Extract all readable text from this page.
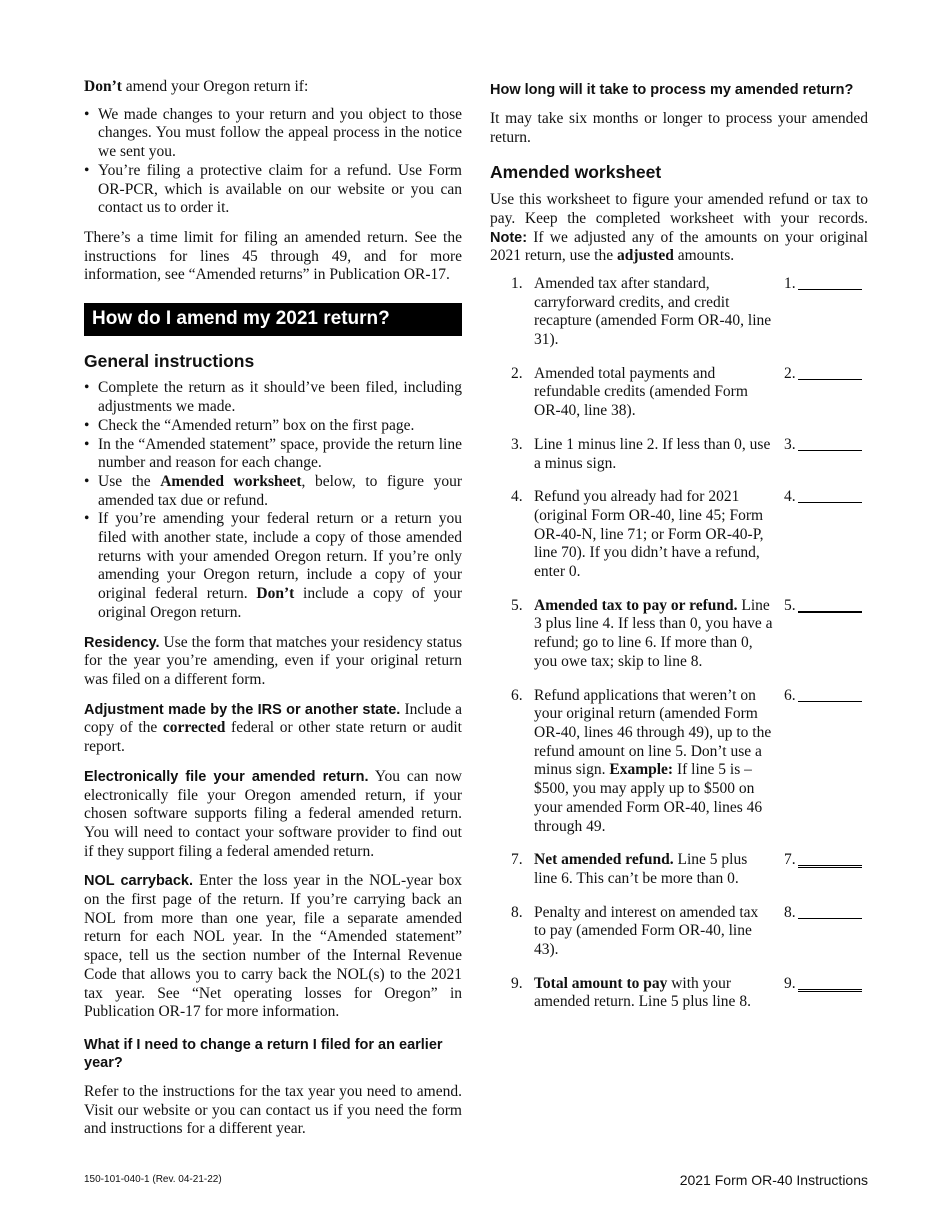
Don’t amend your Oregon return if:

• We made changes to your return and you object to those changes. You must follow the appeal process in the notice we sent you.
• You’re filing a protective claim for a refund. Use Form OR-PCR, which is available on our website or you can contact us to order it.

There’s a time limit for filing an amended return. See the instructions for lines 45 through 49, and for more information, see “Amended returns” in Publication OR-17.

How do I amend my 2021 return?
General instructions
• Complete the return as it should’ve been filed, including adjustments we made.
• Check the “Amended return” box on the first page.
• In the “Amended statement” space, provide the return line number and reason for each change.
• Use the Amended worksheet, below, to figure your amended tax due or refund.
• If you’re amending your federal return or a return you filed with another state, include a copy of those amended returns with your amended Oregon return. If you’re only amending your Oregon return, include a copy of your original federal return. Don’t include a copy of your original Oregon return.

Residency. Use the form that matches your residency status for the year you’re amending, even if your original return was filed on a different form.

Adjustment made by the IRS or another state. Include a copy of the corrected federal or other state return or audit report.

Electronically file your amended return. You can now electronically file your Oregon amended return, if your chosen software supports filing a federal amended return. You will need to contact your software provider to find out if they support filing a federal amended return.

NOL carryback. Enter the loss year in the NOL-year box on the first page of the return. If you’re carrying back an NOL from more than one year, file a separate amended return for each NOL year. In the “Amended statement” space, tell us the section number of the Internal Revenue Code that allows you to carry back the NOL(s) to the 2021 tax year. See “Net operating losses for Oregon” in Publication OR-17 for more information.

What if I need to change a return I filed for an earlier year?

Refer to the instructions for the tax year you need to amend. Visit our website or you can contact us if you need the form and instructions for a different year.

How long will it take to process my amended return?

It may take six months or longer to process your amended return.

Amended worksheet

Use this worksheet to figure your amended refund or tax to pay. Keep the completed worksheet with your records. Note: If we adjusted any of the amounts on your original 2021 return, use the adjusted amounts.

1. Amended tax after standard, carryforward credits, and credit recapture (amended Form OR-40, line 31).
1.
2. Amended total payments and refundable credits (amended Form OR-40, line 38).
2.
3. Line 1 minus line 2. If less than 0, use a minus sign.
3.
4. Refund you already had for 2021 (original Form OR-40, line 45; Form OR-40-N, line 71; or Form OR-40-P, line 70). If you didn’t have a refund, enter 0.
4.
5. Amended tax to pay or refund. Line 3 plus line 4. If less than 0, you have a refund; go to line 6. If more than 0, you owe tax; skip to line 8.
5.
6. Refund applications that weren’t on your original return (amended Form OR-40, lines 46 through 49), up to the refund amount on line 5. Don’t use a minus sign. Example: If line 5 is –$500, you may apply up to $500 on your amended Form OR-40, lines 46 through 49.
6.
7. Net amended refund. Line 5 plus line 6. This can’t be more than 0.
7.
8. Penalty and interest on amended tax to pay (amended Form OR-40, line 43).
8.
9. Total amount to pay with your amended return. Line 5 plus line 8.
9.
150-101-040-1 (Rev. 04-21-22)	2021 Form OR-40 Instructions
